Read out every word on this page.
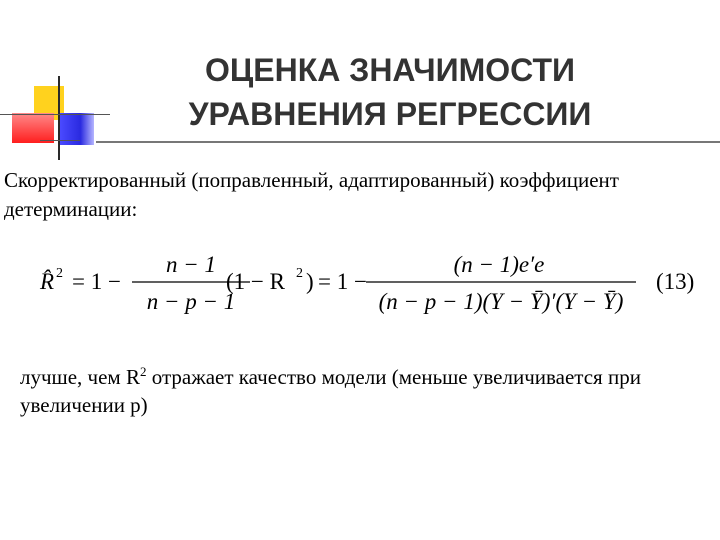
ОЦЕНКА ЗНАЧИМОСТИ
УРАВНЕНИЯ РЕГРЕССИИ
Скорректированный (поправленный, адаптированный) коэффициент детерминации:
R̂ 2 = 1 −
n − 1
n − p − 1
(1 − R 2 ) = 1 −
(n − 1)e′e
(n − p − 1)(Y − Ȳ)′(Y − Ȳ)
(13)
лучше, чем $R^2$ отражает качество модели (меньше увеличивается при увеличении p)
